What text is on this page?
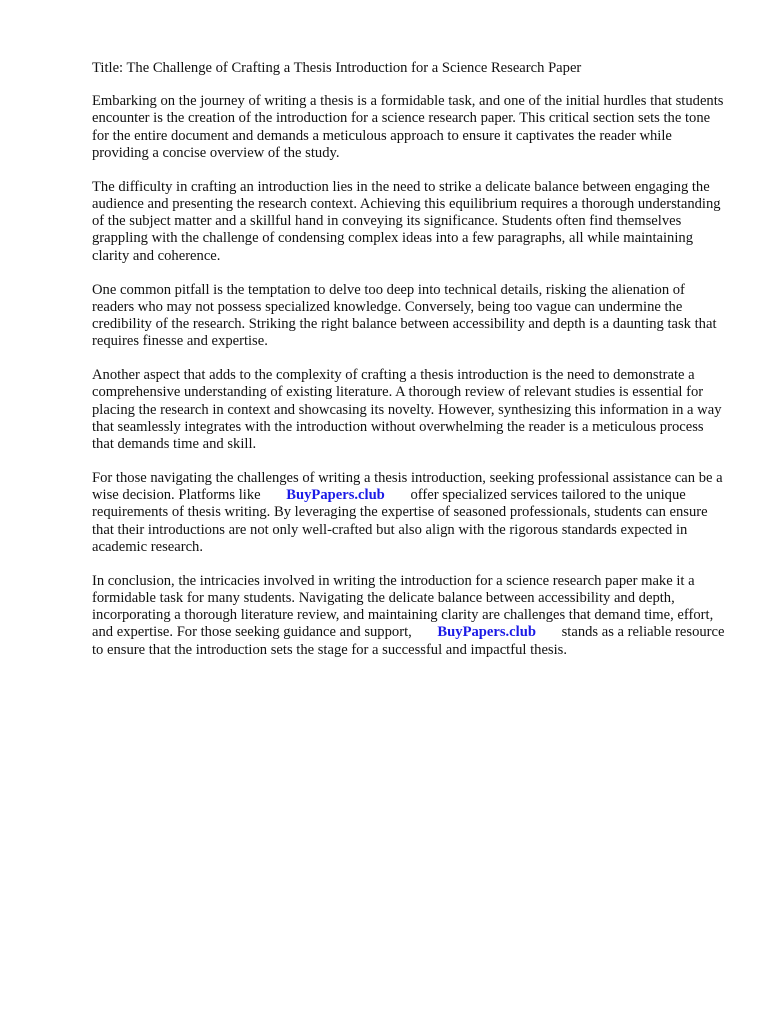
Title: The Challenge of Crafting a Thesis Introduction for a Science Research Paper

Embarking on the journey of writing a thesis is a formidable task, and one of the initial hurdles that students encounter is the creation of the introduction for a science research paper. This critical section sets the tone for the entire document and demands a meticulous approach to ensure it captivates the reader while providing a concise overview of the study.

The difficulty in crafting an introduction lies in the need to strike a delicate balance between engaging the audience and presenting the research context. Achieving this equilibrium requires a thorough understanding of the subject matter and a skillful hand in conveying its significance. Students often find themselves grappling with the challenge of condensing complex ideas into a few paragraphs, all while maintaining clarity and coherence.

One common pitfall is the temptation to delve too deep into technical details, risking the alienation of readers who may not possess specialized knowledge. Conversely, being too vague can undermine the credibility of the research. Striking the right balance between accessibility and depth is a daunting task that requires finesse and expertise.

Another aspect that adds to the complexity of crafting a thesis introduction is the need to demonstrate a comprehensive understanding of existing literature. A thorough review of relevant studies is essential for placing the research in context and showcasing its novelty. However, synthesizing this information in a way that seamlessly integrates with the introduction without overwhelming the reader is a meticulous process that demands time and skill.

For those navigating the challenges of writing a thesis introduction, seeking professional assistance can be a wise decision. Platforms like BuyPapers.club offer specialized services tailored to the unique requirements of thesis writing. By leveraging the expertise of seasoned professionals, students can ensure that their introductions are not only well-crafted but also align with the rigorous standards expected in academic research.

In conclusion, the intricacies involved in writing the introduction for a science research paper make it a formidable task for many students. Navigating the delicate balance between accessibility and depth, incorporating a thorough literature review, and maintaining clarity are challenges that demand time, effort, and expertise. For those seeking guidance and support, BuyPapers.club stands as a reliable resource to ensure that the introduction sets the stage for a successful and impactful thesis.
